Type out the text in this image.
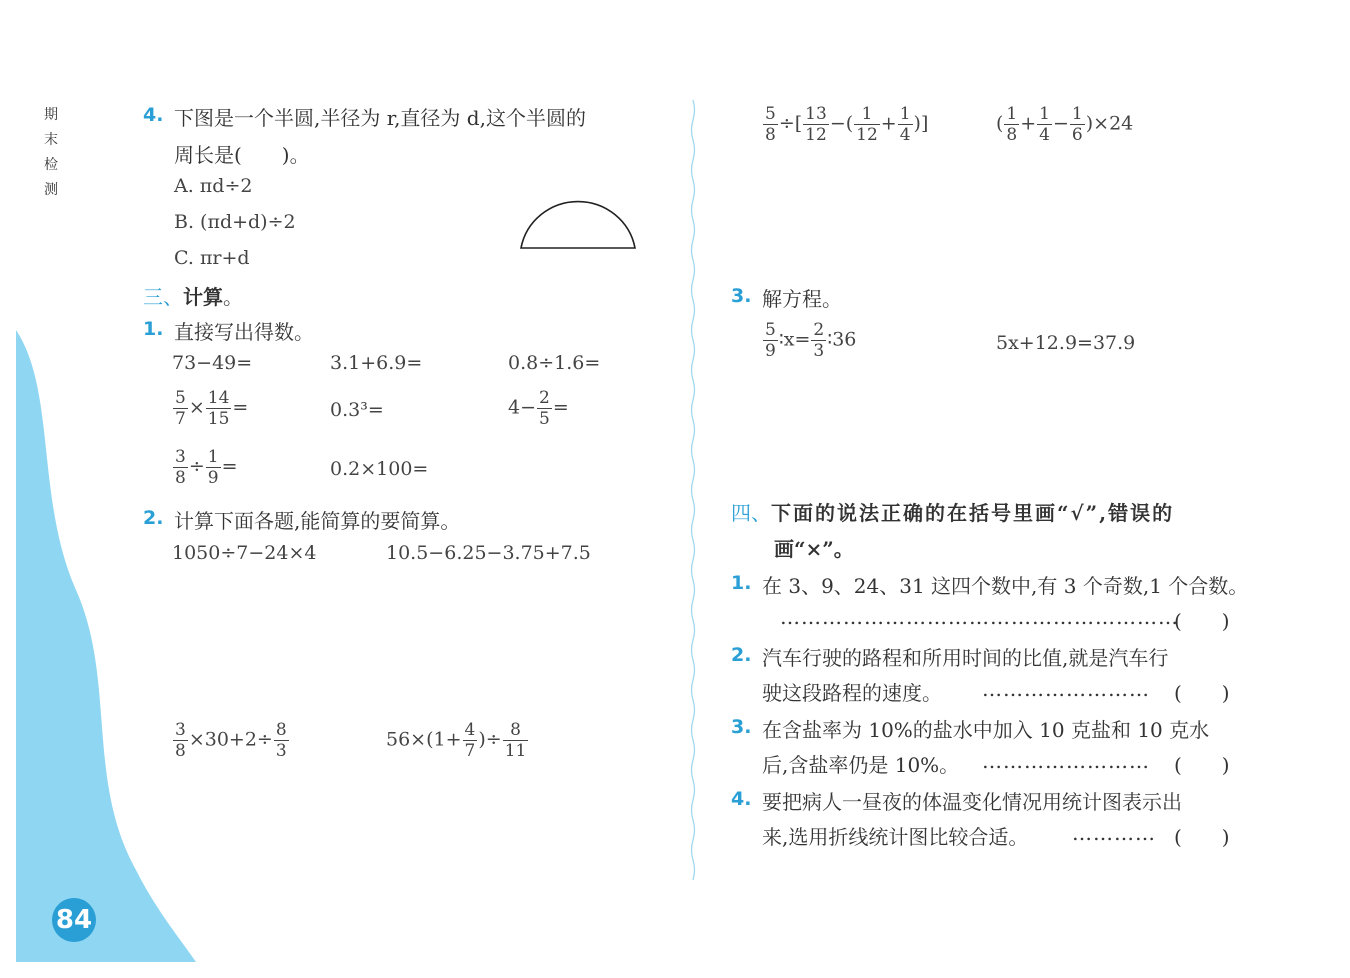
84
期
末
检
测
4. 下图是一个半圆,半径为 r,直径为 d,这个半圆的
周长是(　　)。
A. πd÷2
B. (πd+d)÷2
C. πr+d
三、计算。
1. 直接写出得数。
73−49=	3.1+6.9=	0.8÷1.6=
$\frac{5}{7} \times \frac{14}{15}$ =	0.3³=	$4- \frac{2}{5}$ =
$\frac{3}{8} \div \frac{1}{9}$ =	0.2×100=
2. 计算下面各题,能简算的要简算。
1050÷7−24×4	10.5−6.25−3.75+7.5
$\frac{3}{8} \times 30+2\div \frac{8}{3}$	$56\times(1+ \frac{4}{7}$ )÷ $\frac{8}{11}$
$\frac{5}{8}$ ÷[ $\frac{13}{12}$ −( $\frac{1}{12} + \frac{1}{4}$ )]	( $\frac{1}{8} + \frac{1}{4} - \frac{1}{6} )\times 24$
3. 解方程。
$\frac{5}{9}$ ∶x= $\frac{2}{3}$ ∶36	5x+12.9=37.9
四、下面的说法正确的在括号里画“√”,错误的
画“×”。
1. 在 3、9、24、31 这四个数中,有 3 个奇数,1 个合数。
…………………………………………………
(　　)
2. 汽车行驶的路程和所用时间的比值,就是汽车行
驶这段路程的速度。 …………………… (　　)
3. 在含盐率为 10%的盐水中加入 10 克盐和 10 克水
后,含盐率仍是 10%。 …………………… (　　)
4. 要把病人一昼夜的体温变化情况用统计图表示出
来,选用折线统计图比较合适。 ………… (　　)
